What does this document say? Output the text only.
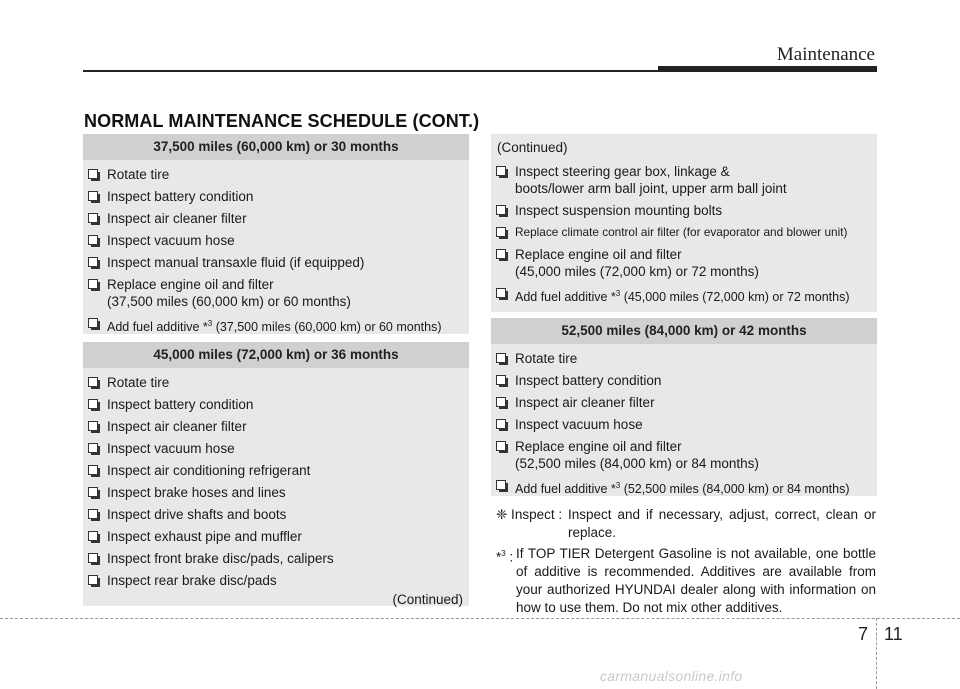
Maintenance
NORMAL MAINTENANCE SCHEDULE (CONT.)
37,500 miles (60,000 km) or 30 months
Rotate tire
Inspect battery condition
Inspect air cleaner filter
Inspect vacuum hose
Inspect manual transaxle fluid (if equipped)
Replace engine oil and filter
(37,500 miles (60,000 km) or 60 months)
Add fuel additive *$^3$ (37,500 miles (60,000 km) or 60 months)
45,000 miles (72,000 km) or 36 months
Rotate tire
Inspect battery condition
Inspect air cleaner filter
Inspect vacuum hose
Inspect air conditioning refrigerant
Inspect brake hoses and lines
Inspect drive shafts and boots
Inspect exhaust pipe and muffler
Inspect front brake disc/pads, calipers
Inspect rear brake disc/pads
(Continued)
(Continued)
Inspect steering gear box, linkage &
boots/lower arm ball joint, upper arm ball joint
Inspect suspension mounting bolts
Replace climate control air filter (for evaporator and blower unit)
Replace engine oil and filter
(45,000 miles (72,000 km) or 72 months)
Add fuel additive *$^3$ (45,000 miles (72,000 km) or 72 months)
52,500 miles (84,000 km) or 42 months
Rotate tire
Inspect battery condition
Inspect air cleaner filter
Inspect vacuum hose
Replace engine oil and filter
(52,500 miles (84,000 km) or 84 months)
Add fuel additive *$^3$ (52,500 miles (84,000 km) or 84 months)
❈ Inspect : Inspect and if necessary, adjust, correct, clean or replace.
*$^3$ : If TOP TIER Detergent Gasoline is not available, one bottle of additive is recommended. Additives are available from your authorized HYUNDAI dealer along with information on how to use them. Do not mix other additives.
7 11
carmanualsonline.info
